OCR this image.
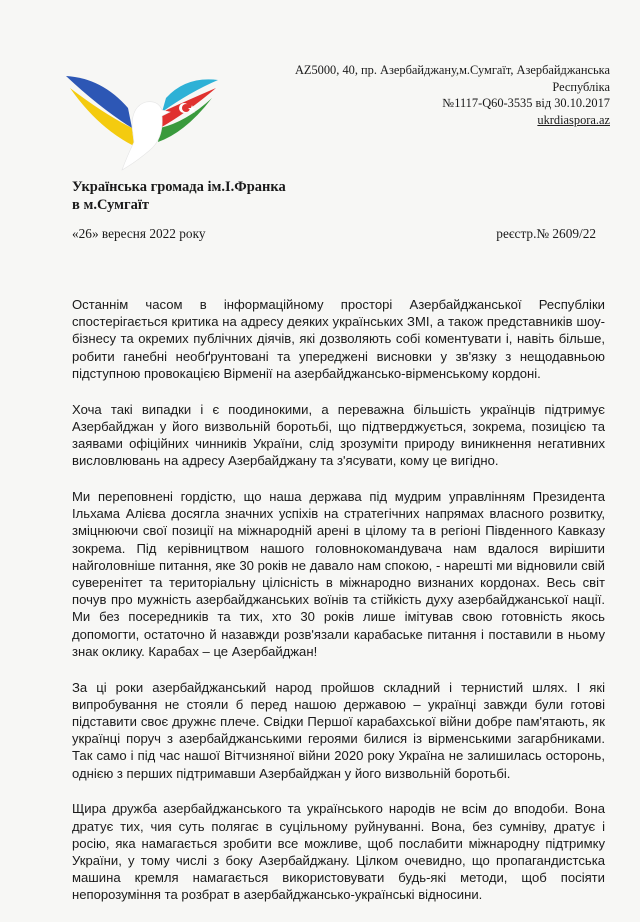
AZ5000, 40, пр. Азербайджану,м.Сумгаїт, Азербайджанська
Республіка
№1117-Q60-3535 від 30.10.2017
ukrdiaspora.az
Українська громада ім.І.Франка
в м.Сумгаїт
«26» вересня 2022 року	реєстр.№ 2609/22

Останнім часом в інформаційному просторі Азербайджанської Республіки спостерігається критика на адресу деяких українських ЗМІ, а також представників шоу-бізнесу та окремих публічних діячів, які дозволяють собі коментувати і, навіть більше, робити ганебні необґрунтовані та упереджені висновки у зв'язку з нещодавньою підступною провокацією Вірменії на азербайджансько-вірменському кордоні.

Хоча такі випадки і є поодинокими, а переважна більшість українців підтримує Азербайджан у його визвольній боротьбі, що підтверджується, зокрема, позицією та заявами офіційних чинників України, слід зрозуміти природу виникнення негативних висловлювань на адресу Азербайджану та з'ясувати, кому це вигідно.

Ми переповнені гордістю, що наша держава під мудрим управлінням Президента Ільхама Алієва досягла значних успіхів на стратегічних напрямах власного розвитку, зміцнюючи свої позиції на міжнародній арені в цілому та в регіоні Південного Кавказу зокрема. Під керівництвом нашого головнокомандувача нам вдалося вирішити найголовніше питання, яке 30 років не давало нам спокою, - нарешті ми відновили свій суверенітет та територіальну цілісність в міжнародно визнаних кордонах. Весь світ почув про мужність азербайджанських воїнів та стійкість духу азербайджанської нації. Ми без посередників та тих, хто 30 років лише імітував свою готовність якось допомогти, остаточно й назавжди розв'язали карабаське питання і поставили в ньому знак оклику. Карабах – це Азербайджан!

За ці роки азербайджанський народ пройшов складний і тернистий шлях. І які випробування не стояли б перед нашою державою – українці завжди були готові підставити своє дружнє плече. Свідки Першої карабахської війни добре пам'ятають, як українці поруч з азербайджанськими героями билися із вірменськими загарбниками. Так само і під час нашої Вітчизняної війни 2020 року Україна не залишилась осторонь, однією з перших підтримавши Азербайджан у його визвольній боротьбі.

Щира дружба азербайджанського та українського народів не всім до вподоби. Вона дратує тих, чия суть полягає в суцільному руйнуванні. Вона, без сумніву, дратує і росію, яка намагається зробити все можливе, щоб послабити міжнародну підтримку України, у тому числі з боку Азербайджану. Цілком очевидно, що пропагандистська машина кремля намагається використовувати будь-які методи, щоб посіяти непорозуміння та розбрат в азербайджансько-українські відносини.
